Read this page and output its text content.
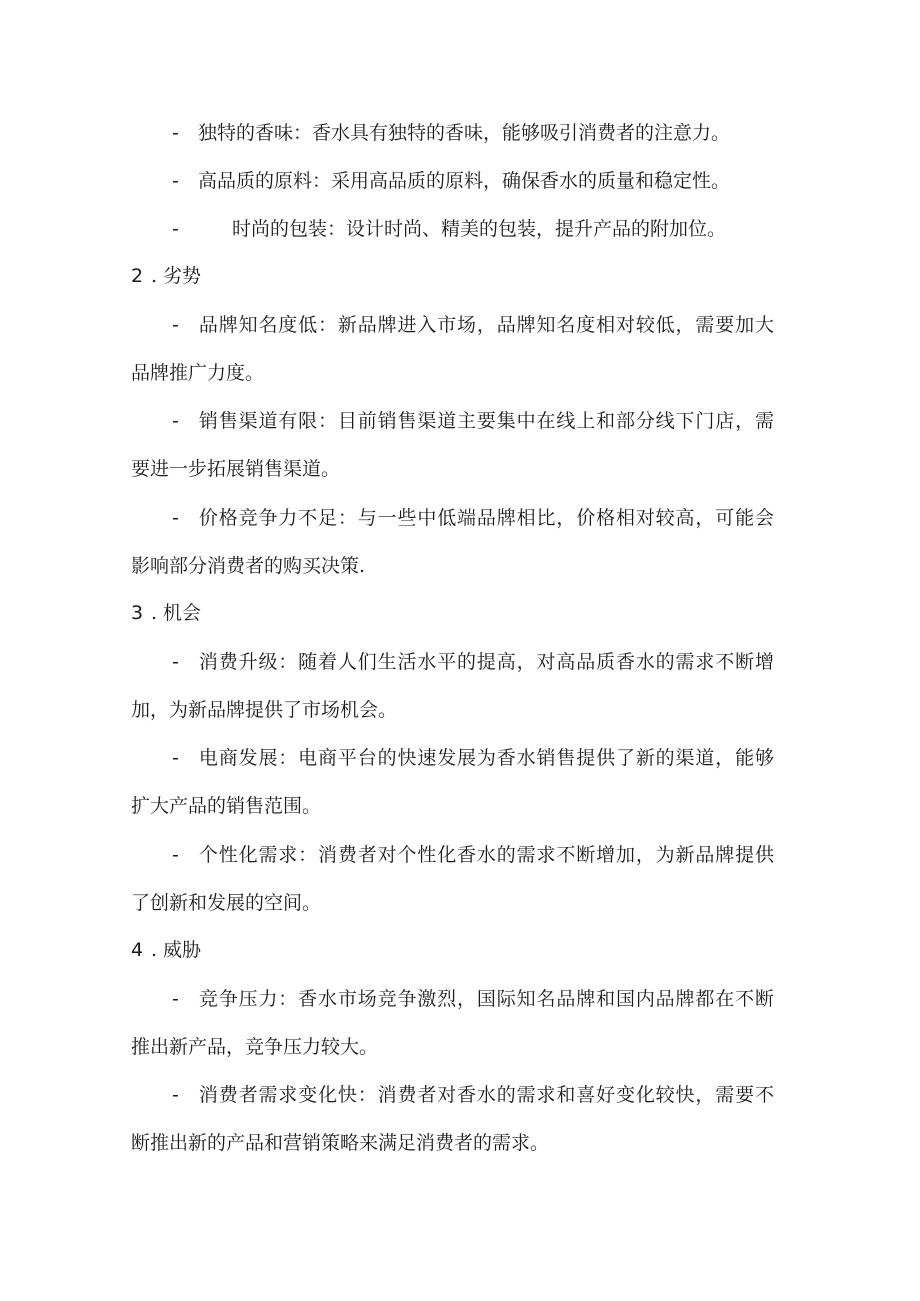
- 独特的香味：香水具有独特的香味，能够吸引消费者的注意力。
- 高品质的原料：采用高品质的原料，确保香水的质量和稳定性。
-	时尚的包装：设计时尚、精美的包装，提升产品的附加位。
2 . 劣势
- 品牌知名度低：新品牌进入市场，品牌知名度相对较低，需要加大
品牌推广力度。
- 销售渠道有限：目前销售渠道主要集中在线上和部分线下门店，需
要进一步拓展销售渠道。
- 价格竞争力不足：与一些中低端品牌相比，价格相对较高，可能会
影响部分消费者的购买决策.
3 . 机会
- 消费升级：随着人们生活水平的提高，对高品质香水的需求不断增
加，为新品牌提供了市场机会。
- 电商发展：电商平台的快速发展为香水销售提供了新的渠道，能够
扩大产品的销售范围。
- 个性化需求：消费者对个性化香水的需求不断增加，为新品牌提供
了创新和发展的空间。
4 . 威胁
- 竞争压力：香水市场竞争激烈，国际知名品牌和国内品牌都在不断
推出新产品，竞争压力较大。
- 消费者需求变化快：消费者对香水的需求和喜好变化较快，需要不
断推出新的产品和营销策略来满足消费者的需求。
